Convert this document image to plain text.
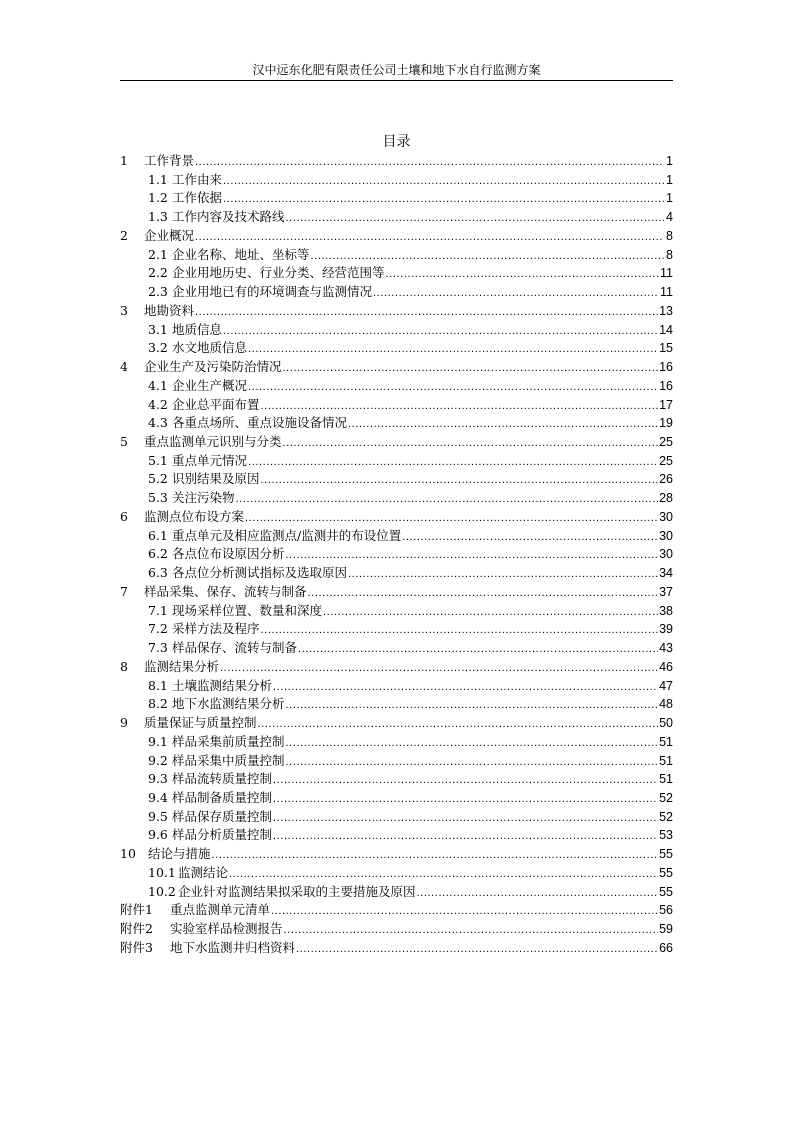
汉中远东化肥有限责任公司土壤和地下水自行监测方案
目录
1	工作背景 .....	1
1.1 工作由来 .....	1
1.2 工作依据 .....	1
1.3 工作内容及技术路线 .....	4
2	企业概况 .....	8
2.1 企业名称、地址、坐标等 .....	8
2.2 企业用地历史、行业分类、经营范围等 .....	11
2.3 企业用地已有的环境调查与监测情况 .....	11
3	地勘资料 .....	13
3.1 地质信息 .....	14
3.2 水文地质信息 .....	15
4	企业生产及污染防治情况 .....	16
4.1 企业生产概况 .....	16
4.2 企业总平面布置 .....	17
4.3 各重点场所、重点设施设备情况 .....	19
5	重点监测单元识别与分类 .....	25
5.1 重点单元情况 .....	25
5.2 识别结果及原因 .....	26
5.3 关注污染物 .....	28
6	监测点位布设方案 .....	30
6.1 重点单元及相应监测点/监测井的布设位置 .....	30
6.2 各点位布设原因分析 .....	30
6.3 各点位分析测试指标及选取原因 .....	34
7	样品采集、保存、流转与制备 .....	37
7.1 现场采样位置、数量和深度 .....	38
7.2 采样方法及程序 .....	39
7.3 样品保存、流转与制备 .....	43
8	监测结果分析 .....	46
8.1 土壤监测结果分析 .....	47
8.2 地下水监测结果分析 .....	48
9	质量保证与质量控制 .....	50
9.1 样品采集前质量控制 .....	51
9.2 样品采集中质量控制 .....	51
9.3 样品流转质量控制 .....	51
9.4 样品制备质量控制 .....	52
9.5 样品保存质量控制 .....	52
9.6 样品分析质量控制 .....	53
10 结论与措施 .....	55
10.1 监测结论 .....	55
10.2 企业针对监测结果拟采取的主要措施及原因 .....	55
附件1	重点监测单元清单 .....	56
附件2	实验室样品检测报告 .....	59
附件3	地下水监测井归档资料 .....	66
